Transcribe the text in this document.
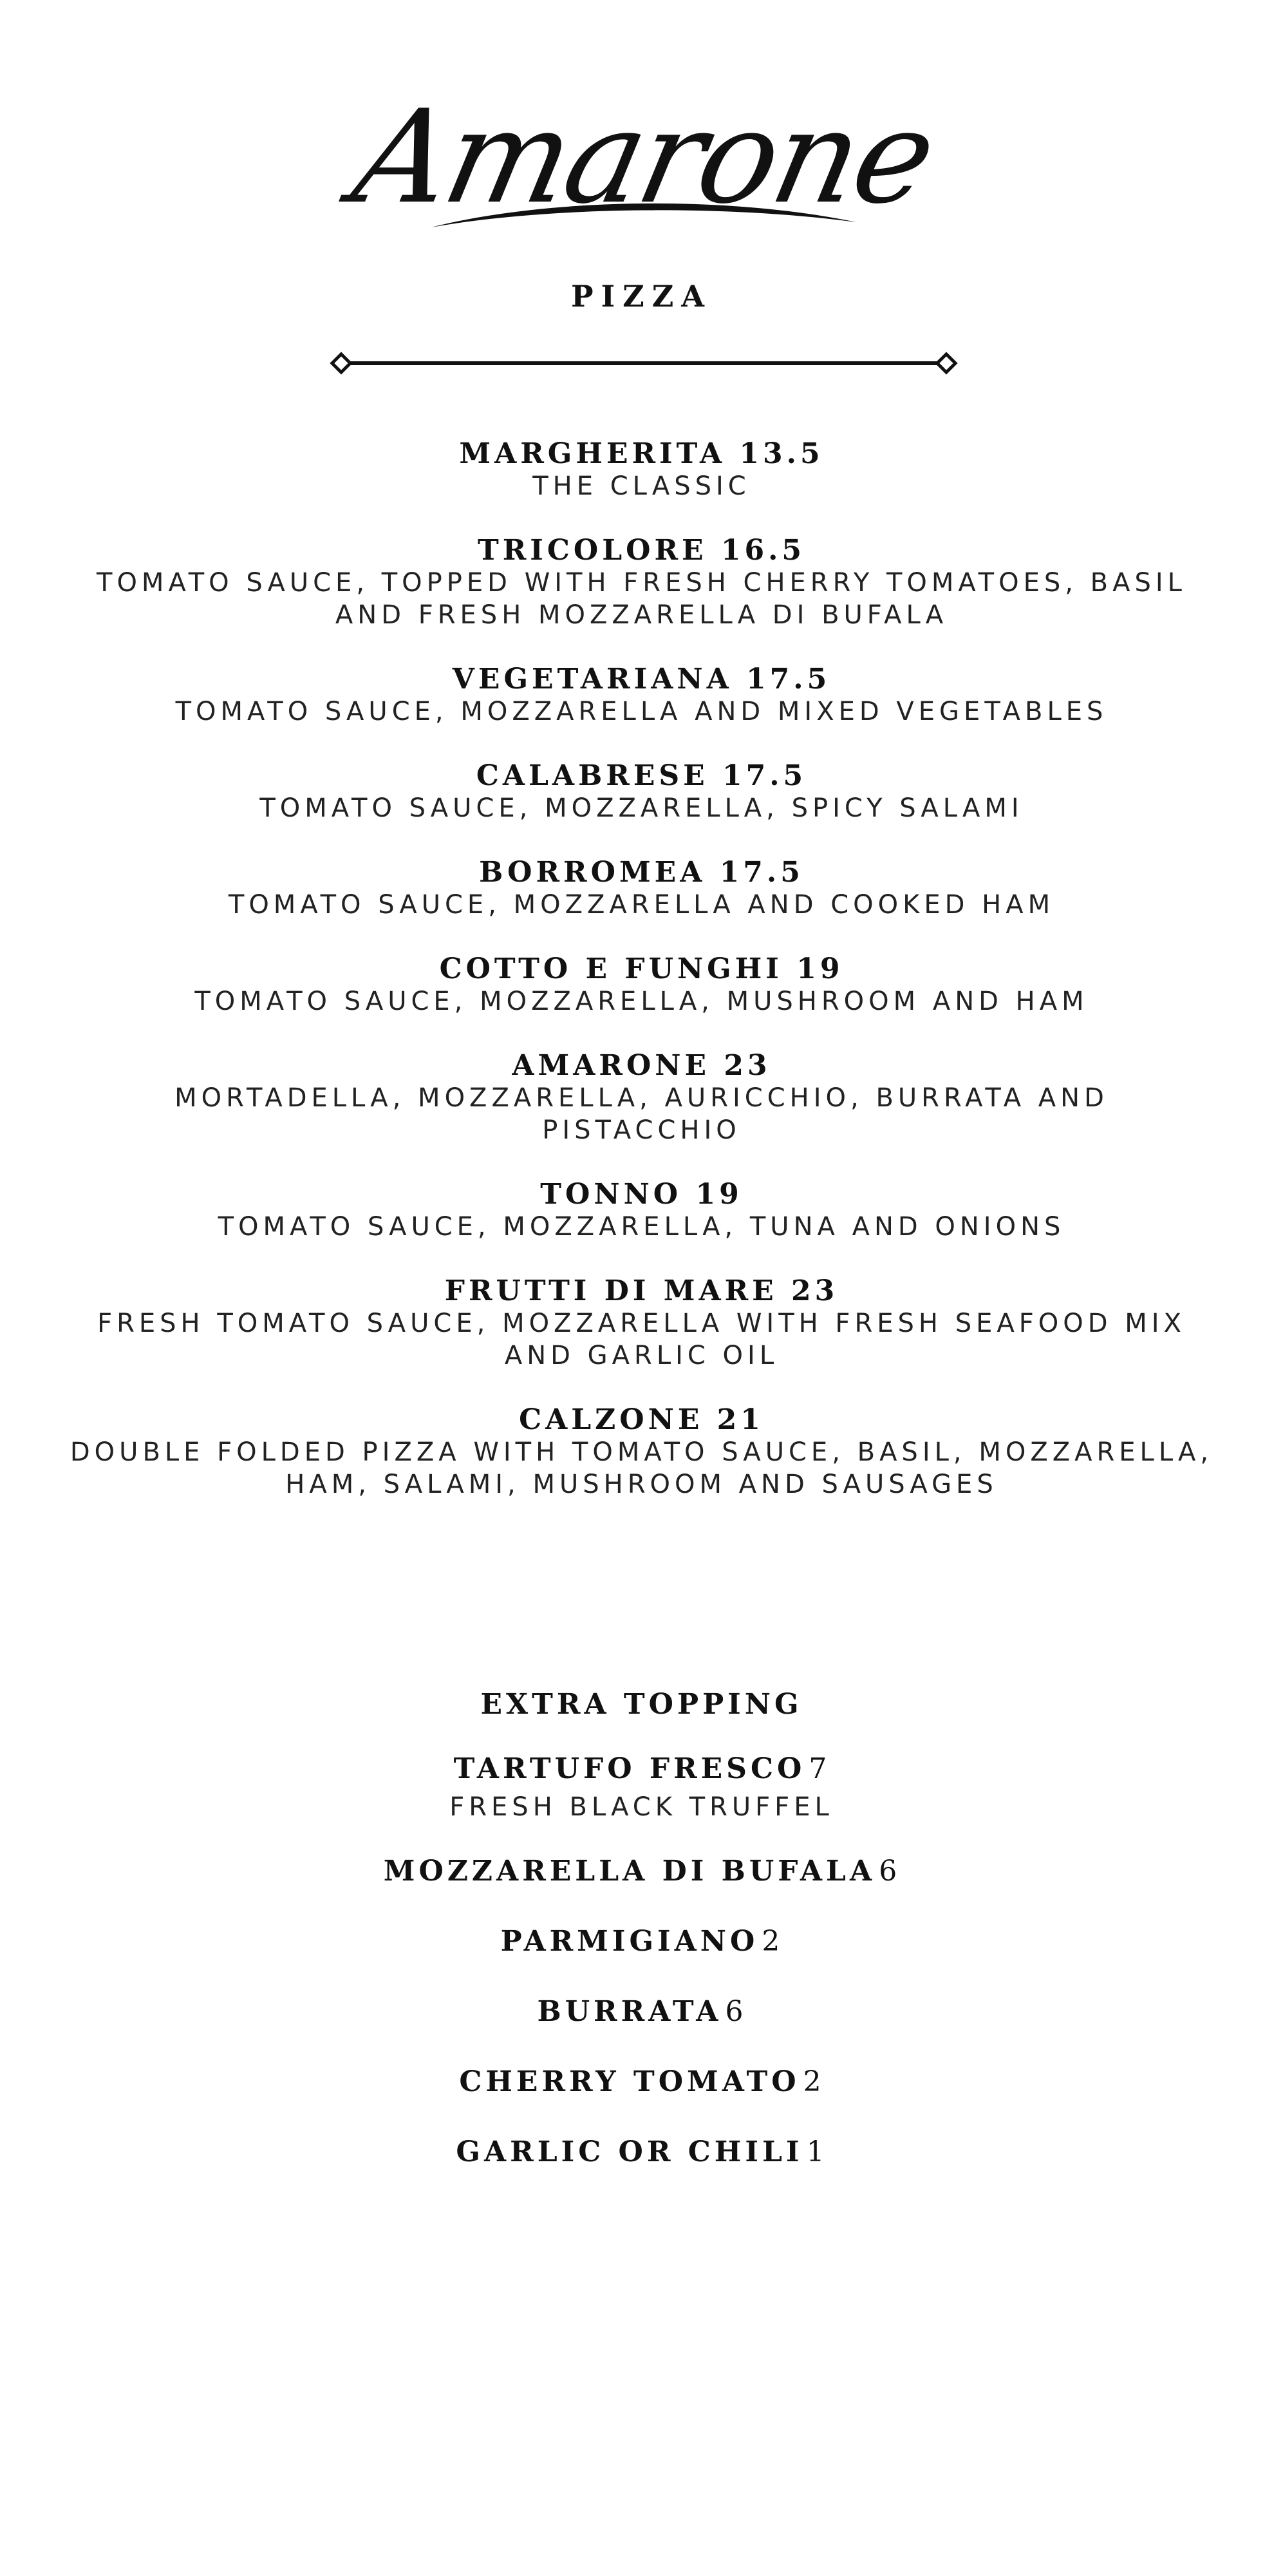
Amarone
PIZZA
MARGHERITA 13.5
THE CLASSIC
TRICOLORE 16.5
TOMATO SAUCE, TOPPED WITH FRESH CHERRY TOMATOES, BASIL
AND FRESH MOZZARELLA DI BUFALA
VEGETARIANA 17.5
TOMATO SAUCE, MOZZARELLA AND MIXED VEGETABLES
CALABRESE 17.5
TOMATO SAUCE, MOZZARELLA, SPICY SALAMI
BORROMEA 17.5
TOMATO SAUCE, MOZZARELLA AND COOKED HAM
COTTO E FUNGHI 19
TOMATO SAUCE, MOZZARELLA, MUSHROOM AND HAM
AMARONE 23
MORTADELLA, MOZZARELLA, AURICCHIO, BURRATA AND
PISTACCHIO
TONNO 19
TOMATO SAUCE, MOZZARELLA, TUNA AND ONIONS
FRUTTI DI MARE 23
FRESH TOMATO SAUCE, MOZZARELLA WITH FRESH SEAFOOD MIX
AND GARLIC OIL
CALZONE 21
DOUBLE FOLDED PIZZA WITH TOMATO SAUCE, BASIL, MOZZARELLA,
HAM, SALAMI, MUSHROOM AND SAUSAGES
EXTRA TOPPING
TARTUFO FRESCO 7
FRESH BLACK TRUFFEL
MOZZARELLA DI BUFALA 6
PARMIGIANO 2
BURRATA 6
CHERRY TOMATO 2
GARLIC OR CHILI 1
